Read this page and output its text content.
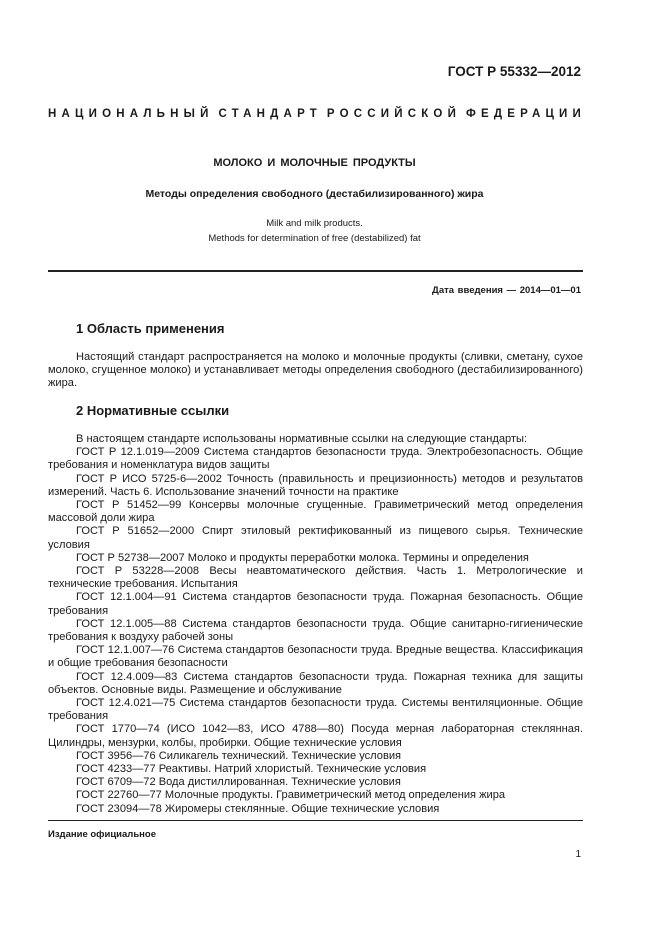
ГОСТ Р 55332—2012
НАЦИОНАЛЬНЫЙ СТАНДАРТ РОССИЙСКОЙ ФЕДЕРАЦИИ
МОЛОКО И МОЛОЧНЫЕ ПРОДУКТЫ
Методы определения свободного (дестабилизированного) жира
Milk and milk products.
Methods for determination of free (destabilized) fat
Дата введения — 2014—01—01
1 Область применения

Настоящий стандарт распространяется на молоко и молочные продукты (сливки, сметану, сухое молоко, сгущенное молоко) и устанавливает методы определения свободного (дестабилизированного) жира.

2 Нормативные ссылки

В настоящем стандарте использованы нормативные ссылки на следующие стандарты:

ГОСТ Р 12.1.019—2009 Система стандартов безопасности труда. Электробезопасность. Общие требования и номенклатура видов защиты

ГОСТ Р ИСО 5725-6—2002 Точность (правильность и прецизионность) методов и результатов измерений. Часть 6. Использование значений точности на практике

ГОСТ Р 51452—99 Консервы молочные сгущенные. Гравиметрический метод определения массовой доли жира

ГОСТ Р 51652—2000 Спирт этиловый ректификованный из пищевого сырья. Технические условия

ГОСТ Р 52738—2007 Молоко и продукты переработки молока. Термины и определения

ГОСТ Р 53228—2008 Весы неавтоматического действия. Часть 1. Метрологические и технические требования. Испытания

ГОСТ 12.1.004—91 Система стандартов безопасности труда. Пожарная безопасность. Общие требования

ГОСТ 12.1.005—88 Система стандартов безопасности труда. Общие санитарно-гигиенические требования к воздуху рабочей зоны

ГОСТ 12.1.007—76 Система стандартов безопасности труда. Вредные вещества. Классификация и общие требования безопасности

ГОСТ 12.4.009—83 Система стандартов безопасности труда. Пожарная техника для защиты объектов. Основные виды. Размещение и обслуживание

ГОСТ 12.4.021—75 Система стандартов безопасности труда. Системы вентиляционные. Общие требования

ГОСТ 1770—74 (ИСО 1042—83, ИСО 4788—80) Посуда мерная лабораторная стеклянная. Цилиндры, мензурки, колбы, пробирки. Общие технические условия

ГОСТ 3956—76 Силикагель технический. Технические условия

ГОСТ 4233—77 Реактивы. Натрий хлористый. Технические условия

ГОСТ 6709—72 Вода дистиллированная. Технические условия

ГОСТ 22760—77 Молочные продукты. Гравиметрический метод определения жира

ГОСТ 23094—78 Жиромеры стеклянные. Общие технические условия

Издание официальное
1
